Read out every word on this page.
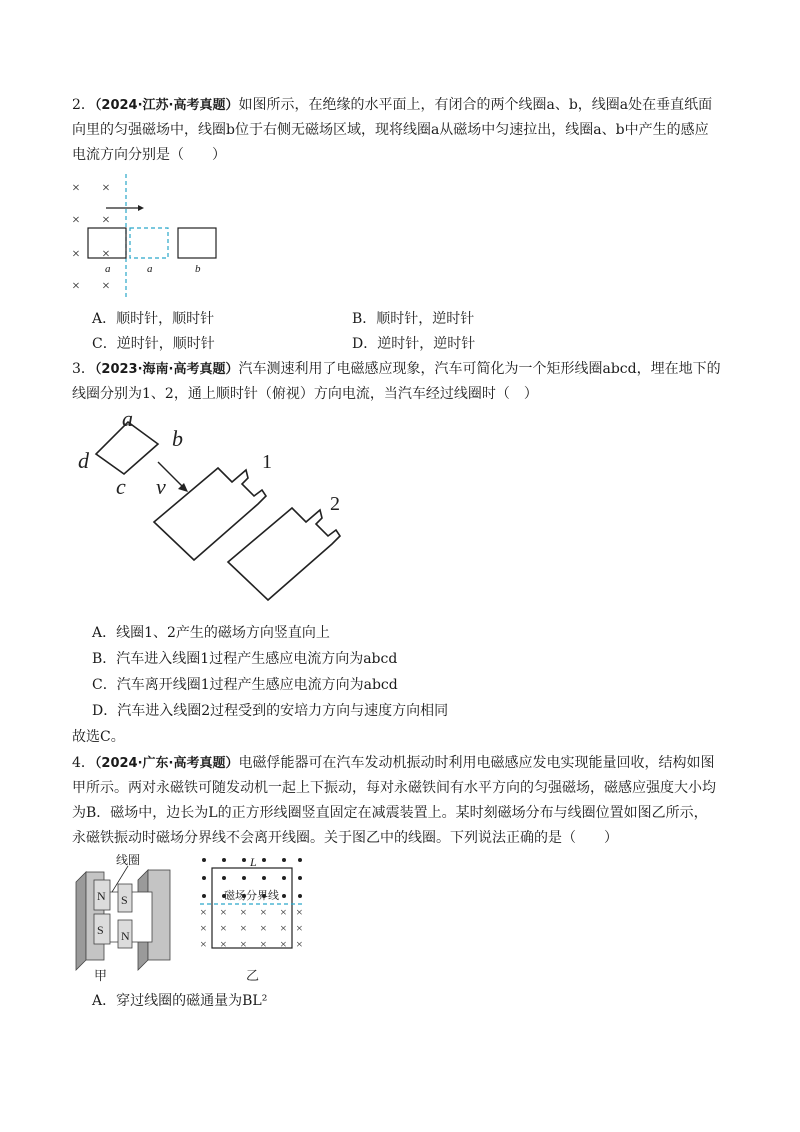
2．（2024·江苏·高考真题）如图所示，在绝缘的水平面上，有闭合的两个线圈a、b，线圈a处在垂直纸面
向里的匀强磁场中，线圈b位于右侧无磁场区域，现将线圈a从磁场中匀速拉出，线圈a、b中产生的感应
电流方向分别是（　　）
× ×
× ×
× ×
× ×
a	a	b
A．顺时针，顺时针	B．顺时针，逆时针
C．逆时针，顺时针	D．逆时针，逆时针
3．（2023·海南·高考真题）汽车测速利用了电磁感应现象，汽车可简化为一个矩形线圈abcd，埋在地下的
线圈分别为1、2，通上顺时针（俯视）方向电流，当汽车经过线圈时（　）
a
b
d
c v
1
2
A．线圈1、2产生的磁场方向竖直向上
B．汽车进入线圈1过程产生感应电流方向为abcd
C．汽车离开线圈1过程产生感应电流方向为abcd
D．汽车进入线圈2过程受到的安培力方向与速度方向相同
故选C。
4．（2024·广东·高考真题）电磁俘能器可在汽车发动机振动时利用电磁感应发电实现能量回收，结构如图
甲所示。两对永磁铁可随发动机一起上下振动，每对永磁铁间有水平方向的匀强磁场，磁感应强度大小均
为B．磁场中，边长为L的正方形线圈竖直固定在减震装置上。某时刻磁场分布与线圈位置如图乙所示，
永磁铁振动时磁场分界线不会离开线圈。关于图乙中的线圈。下列说法正确的是（　　）
N
S
S
N
线圈
甲
× × × × × ×
× × × × × ×
× × × × × ×
L
磁场分界线
乙
A．穿过线圈的磁通量为BL²
